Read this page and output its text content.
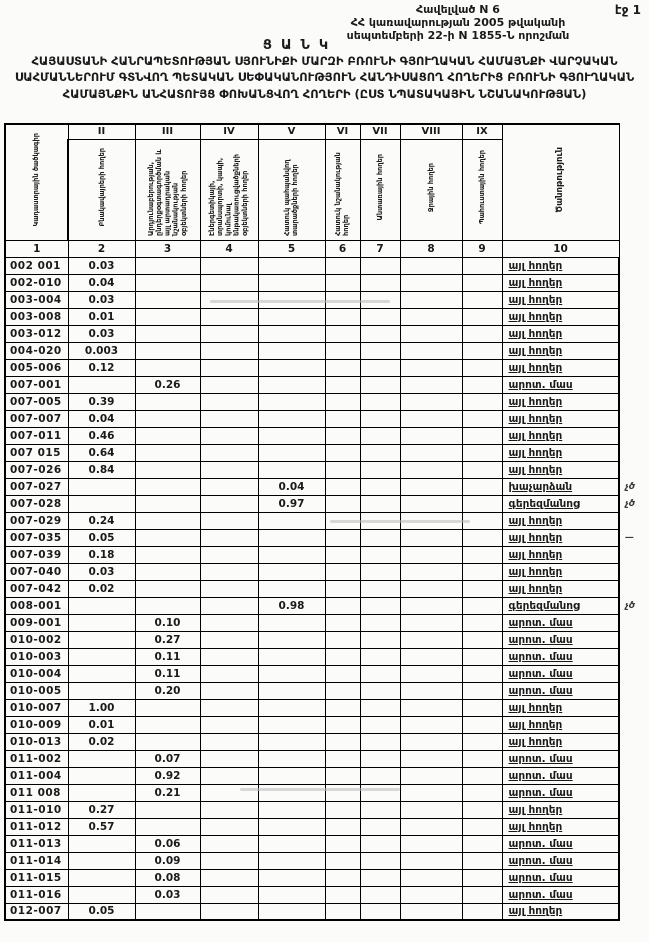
էջ 1
Հավելված N 6
ՀՀ կառավարության 2005 թվականի
սեպտեմբերի 22-ի N 1855-Ն որոշման
ՑԱՆԿ
ՀԱՅԱՍՏԱՆԻ ՀԱՆՐԱՊԵՏՈՒԹՅԱՆ ՍՅՈՒՆԻՔԻ ՄԱՐԶԻ ԲՌՈՒՆԻ ԳՅՈՒՂԱԿԱՆ ՀԱՄԱՅՆՔԻ ՎԱՐՉԱԿԱՆ ՍԱՀՄԱՆՆԵՐՈՒՄ ԳՏՆՎՈՂ ՊԵՏԱԿԱՆ ՍԵՓԱԿԱՆՈՒԹՅՈՒՆ ՀԱՆԴԻՍԱՑՈՂ ՀՈՂԵՐԻՑ ԲՌՈՒՆԻ ԳՅՈՒՂԱԿԱՆ ՀԱՄԱՅՆՔԻՆ ԱՆՀԱՏՈՒՅՑ ՓՈԽԱՆՑՎՈՂ ՀՈՂԵՐԻ (ԸՍՏ ՆՊԱՏԱԿԱՅԻՆ ՆՇԱՆԱԿՈՒԹՅԱՆ)
Կադաստրային ծածկագիր	II	III	IV	V	VI	VII	VIII	IX	Ծանոթություն	
	Բնակավայրերի հողեր	Արդյունաբերության, ընդերքօգտագործման և այլ արտադրական նշանակության օբյեկտների հողեր	Էներգետիկայի, տրանսպորտի, կապի, կոմունալ ենթակառուցվածքների օբյեկտների հողեր	Հատուկ պահպանվող տարածքների հողեր	Հատուկ նշանակության հողեր	Անտառային հողեր	Ջրային հողեր	Պահուստային հողեր		
1	2	3	4	5	6	7	8	9	10	
002 001	0.03								այլ հողեր	
002-010	0.04								այլ հողեր	
003-004	0.03								այլ հողեր	
003-008	0.01								այլ հողեր	
003-012	0.03								այլ հողեր	
004-020	0.003								այլ հողեր	
005-006	0.12								այլ հողեր	
007-001		0.26							արոտ. մաս	
007-005	0.39								այլ հողեր	
007-007	0.04								այլ հողեր	
007-011	0.46								այլ հողեր	
007 015	0.64								այլ հողեր	
007-026	0.84								այլ հողեր	
007-027				0.04					խաչարձան	չծ
007-028				0.97					գերեզմանոց	չծ
007-029	0.24								այլ հողեր	
007-035	0.05								այլ հողեր	—
007-039	0.18								այլ հողեր	
007-040	0.03								այլ հողեր	
007-042	0.02								այլ հողեր	
008-001				0.98					գերեզմանոց	չծ
009-001		0.10							արոտ. մաս	
010-002		0.27							արոտ. մաս	
010-003		0.11							արոտ. մաս	
010-004		0.11							արոտ. մաս	
010-005		0.20							արոտ. մաս	
010-007	1.00								այլ հողեր	
010-009	0.01								այլ հողեր	
010-013	0.02								այլ հողեր	
011-002		0.07							արոտ. մաս	
011-004		0.92							արոտ. մաս	
011 008		0.21							արոտ. մաս	
011-010	0.27								այլ հողեր	
011-012	0.57								այլ հողեր	
011-013		0.06							արոտ. մաս	
011-014		0.09							արոտ. մաս	
011-015		0.08							արոտ. մաս	
011-016		0.03							արոտ. մաս	
012-007	0.05								այլ հողեր	
